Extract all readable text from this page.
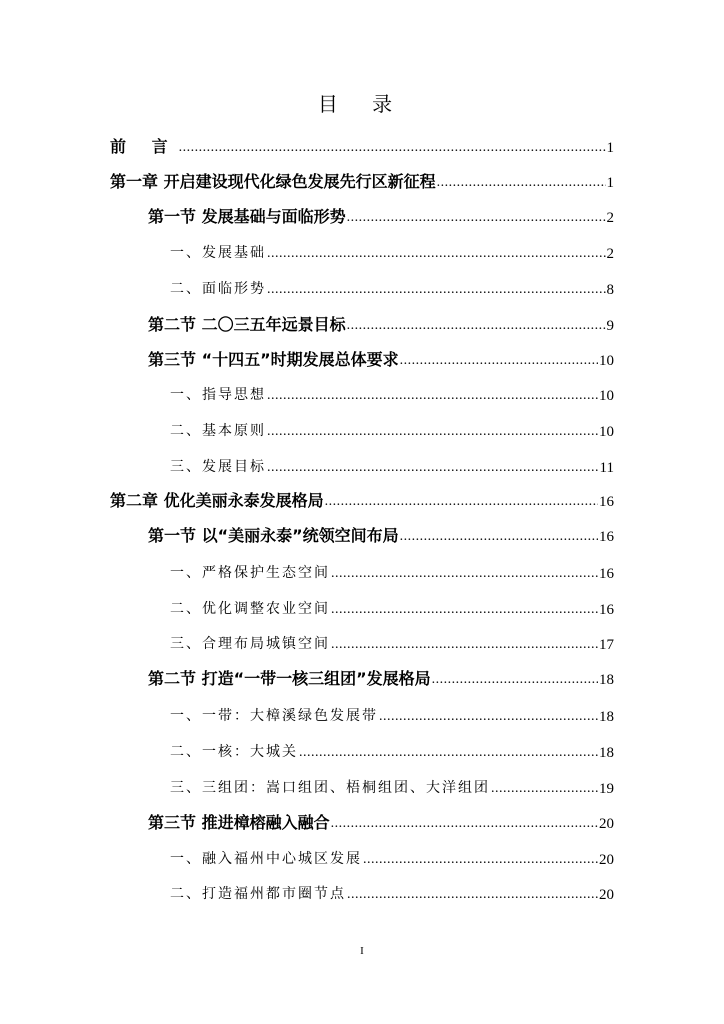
目 录
前 言 .....	1
第一章 开启建设现代化绿色发展先行区新征程 .....	1
第一节 发展基础与面临形势 .....	2
一、发展基础 .....	2
二、面临形势 .....	8
第二节 二〇三五年远景目标 .....	9
第三节 “十四五”时期发展总体要求 .....	10
一、指导思想 .....	10
二、基本原则 .....	10
三、发展目标 .....	11
第二章 优化美丽永泰发展格局 .....	16
第一节 以“美丽永泰”统领空间布局 .....	16
一、严格保护生态空间 .....	16
二、优化调整农业空间 .....	16
三、合理布局城镇空间 .....	17
第二节 打造“一带一核三组团”发展格局 .....	18
一、一带：大樟溪绿色发展带 .....	18
二、一核：大城关 .....	18
三、三组团：嵩口组团、梧桐组团、大洋组团 .....	19
第三节 推进樟榕融入融合 .....	20
一、融入福州中心城区发展 .....	20
二、打造福州都市圈节点 .....	20
I
